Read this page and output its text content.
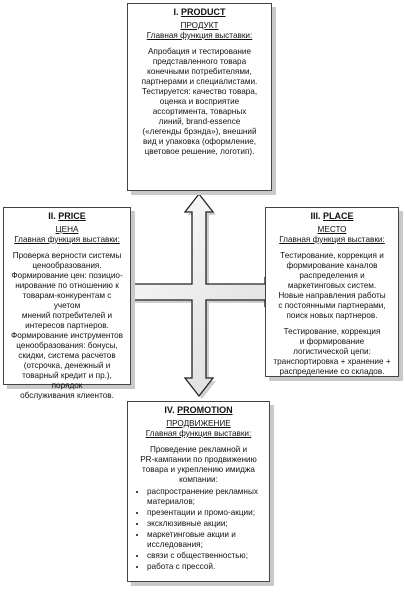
I. PRODUCT

ПРОДУКТ

Главная функция выставки:

Апробация и тестирование

представленного товара

конечными потребителями,

партнерами и специалистами.

Тестируется: качество товара,

оценка и восприятие

ассортимента, товарных

линий, brand-essence

(«легенды брэнда»), внешний

вид и упаковка (оформление,

цветовое решение, логотип).

II. PRICE

ЦЕНА

Главная функция выставки:

Проверка верности системы

ценообразования.

Формирование цен: позицио-

нирование по отношению к

товарам-конкурентам с учетом

мнений потребителей и

интересов партнеров.

Формирование инструментов

ценообразования: бонусы,

скидки, система расчетов

(отсрочка, денежный и

товарный кредит и пр.), порядок

обслуживания клиентов.

III. PLACE

МЕСТО

Главная функция выставки:

Тестирование, коррекция и

формирование каналов

распределения и

маркетинговых систем.

Новые направления работы

с постоянными партнерами,

поиск новых партнеров.

Тестирование, коррекция

и формирование

логистической цепи:

транспортировка + хранение +

распределение со складов.

IV. PROMOTION

ПРОДВИЖЕНИЕ

Главная функция выставки:

Проведение рекламной и

PR-кампании по продвижению

товара и укреплению имиджа

компании:

• распространение рекламных материалов;
• презентации и промо-акции;
• эксклюзивные акции;
• маркетинговые акции и исследования;
• связи с общественностью;
• работа с прессой.
